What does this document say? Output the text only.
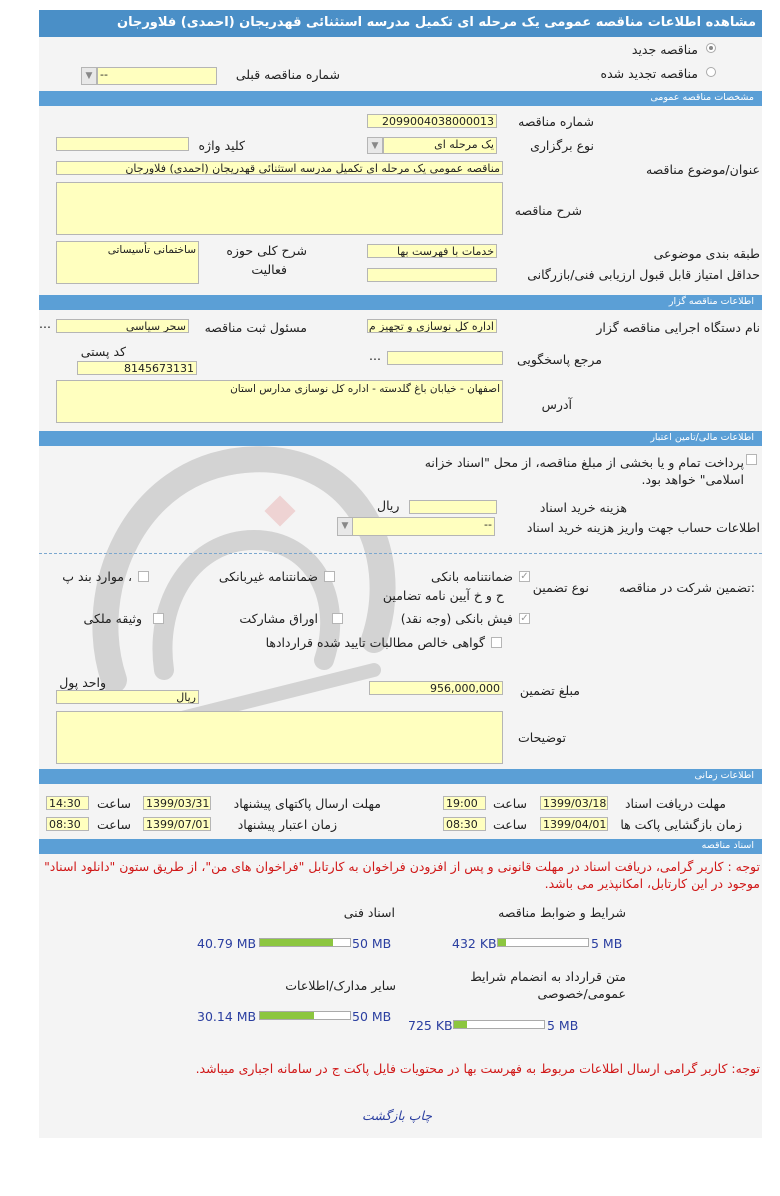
مشاهده اطلاعات مناقصه عمومی یک مرحله ای تکمیل مدرسه استثنائی قهدریجان (احمدی) فلاورجان
مناقصه جدید
مناقصه تجدید شده
شماره مناقصه قبلی
--
▼
مشخصات مناقصه عمومی
شماره مناقصه
2099004038000013
نوع برگزاری
یک مرحله ای
▼
کلید واژه
عنوان/موضوع مناقصه
مناقصه عمومی یک مرحله ای تکمیل مدرسه استثنائی قهدریجان (احمدی) فلاورجان
شرح مناقصه
طبقه بندی موضوعی
خدمات با فهرست بها
شرح کلی حوزه
فعالیت
ساختمانی تأسیساتی
حداقل امتیاز قابل قبول ارزیابی فنی/بازرگانی
اطلاعات مناقصه گزار
نام دستگاه اجرایی مناقصه گزار
اداره کل نوسازی و تجهیز م
مسئول ثبت مناقصه
سحر سیاسی
...
مرجع پاسخگویی
...
کد پستی
8145673131
آدرس
اصفهان - خیابان باغ گلدسته - اداره کل نوسازی مدارس استان
اطلاعات مالی/تامین اعتبار
پرداخت تمام و یا بخشی از مبلغ مناقصه، از محل "اسناد خزانه اسلامی" خواهد بود.
هزینه خرید اسناد
ریال
اطلاعات حساب جهت واریز هزینه خرید اسناد
--
▼
تضمین شرکت در مناقصه:
نوع تضمین
✓
ضمانتنامه بانکی
ح و خ آیین نامه تضامین
ضمانتنامه غیربانکی
موارد بند پ ،
✓
فیش بانکی (وجه نقد)
اوراق مشارکت
وثیقه ملکی
گواهی خالص مطالبات تایید شده قراردادها
مبلغ تضمین
956,000,000
واحد پول
ریال
توضیحات
اطلاعات زمانی
مهلت دریافت اسناد
1399/03/18
ساعت
19:00
مهلت ارسال پاکتهای پیشنهاد
1399/03/31
ساعت
14:30
زمان بازگشایی پاکت ها
1399/04/01
ساعت
08:30
زمان اعتبار پیشنهاد
1399/07/01
ساعت
08:30
اسناد مناقصه
توجه : کاربر گرامی، دریافت اسناد در مهلت قانونی و پس از افزودن فراخوان به کارتابل "فراخوان های من"، از طریق ستون "دانلود اسناد" موجود در این کارتابل، امکانپذیر می باشد.
شرایط و ضوابط مناقصه
5 MB
432 KB
اسناد فنی
50 MB
40.79 MB
متن قرارداد به انضمام شرایط عمومی/خصوصی
5 MB
725 KB
سایر مدارک/اطلاعات
50 MB
30.14 MB
توجه: کاربر گرامی ارسال اطلاعات مربوط به فهرست بها در محتویات فایل پاکت ج در سامانه اجباری میباشد.
چاپ بازگشت
